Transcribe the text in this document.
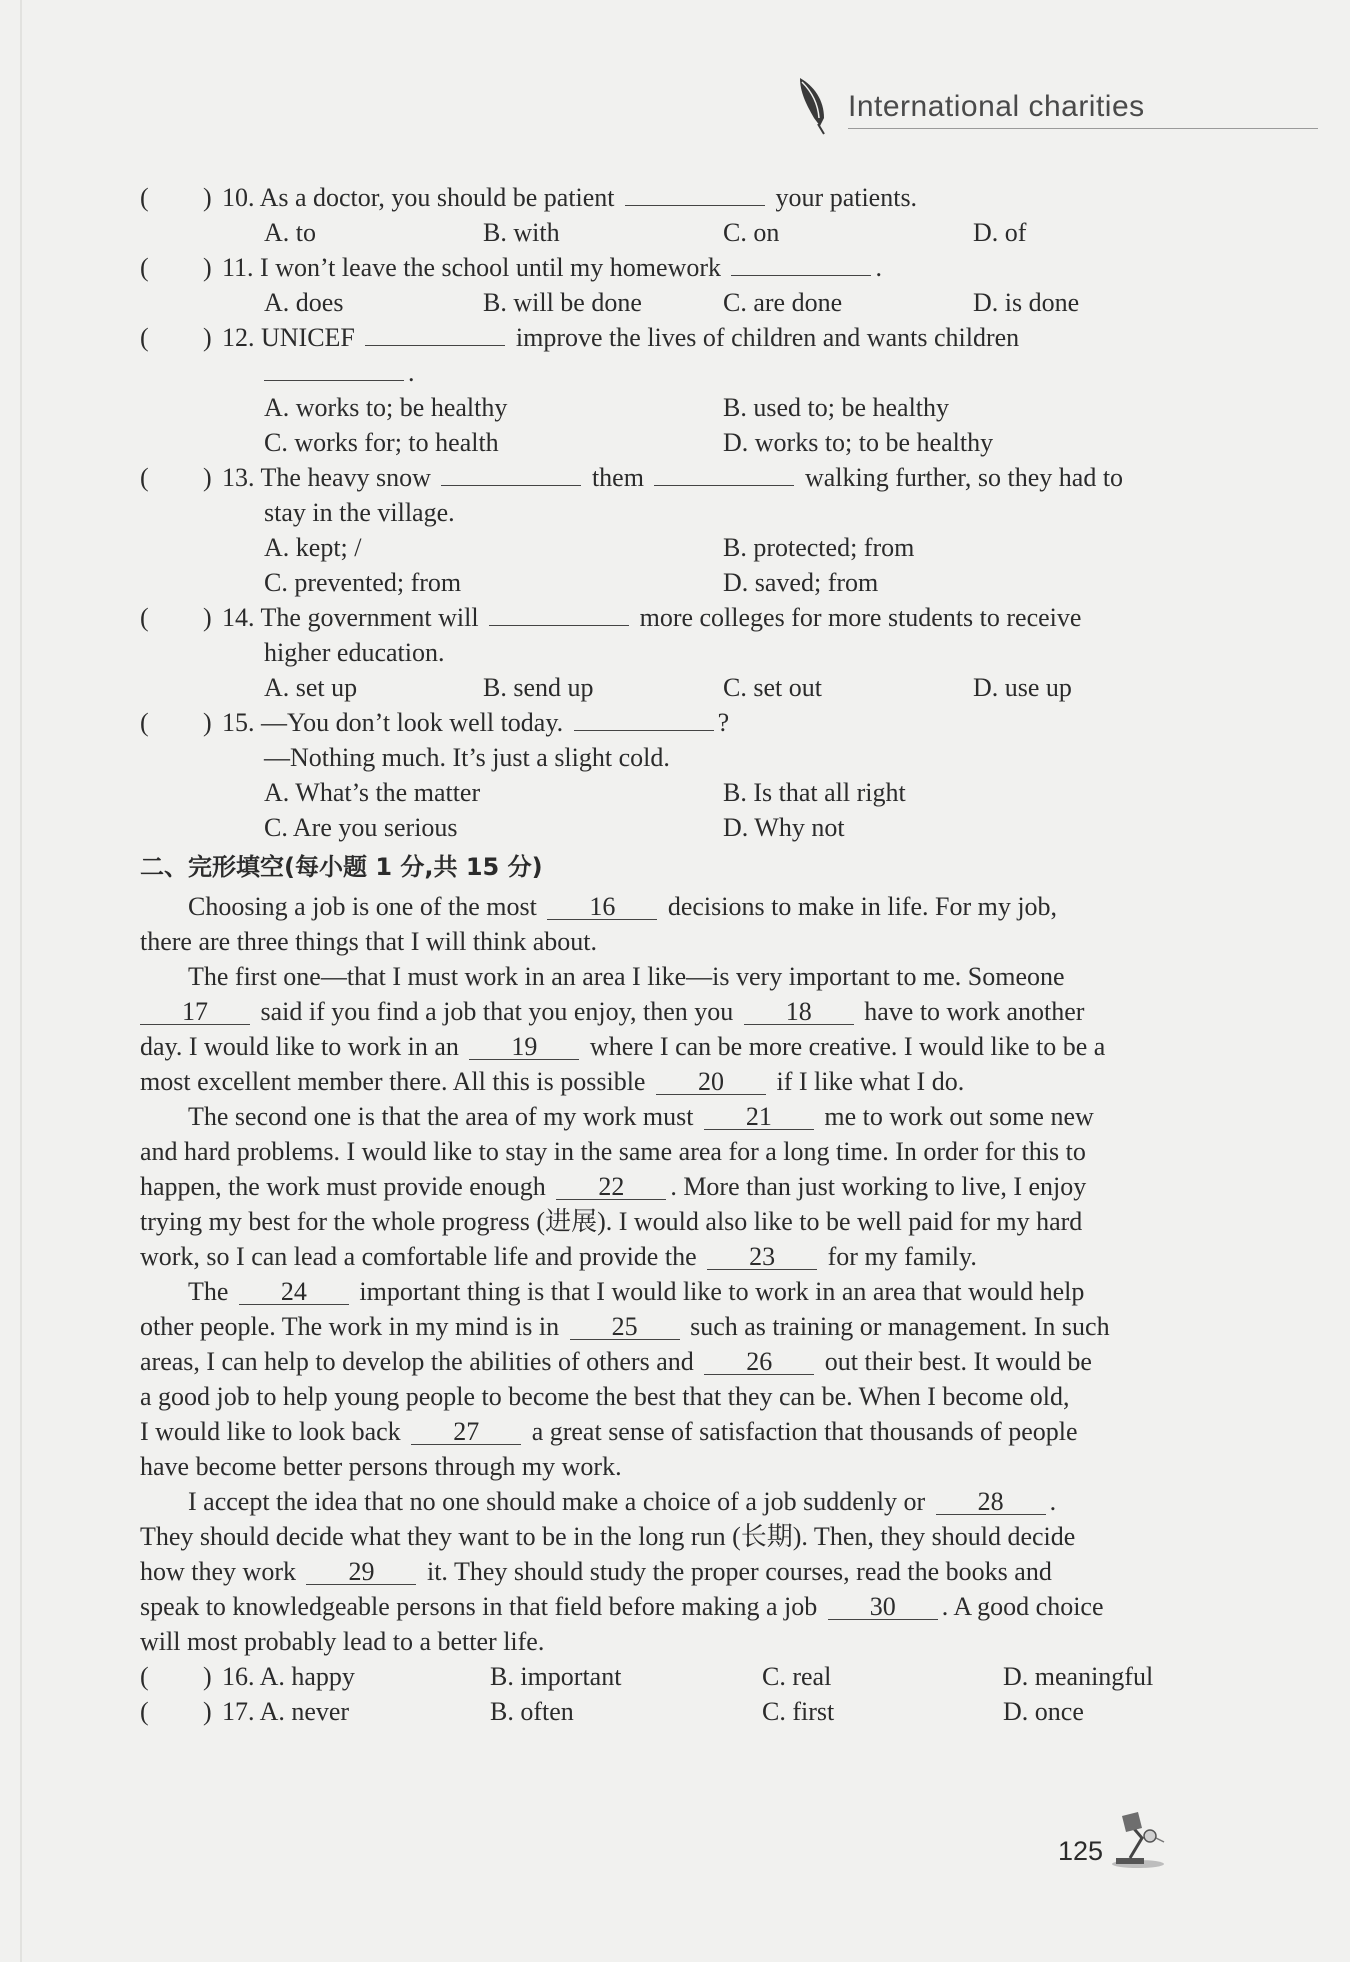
International charities
( ) 10. As a doctor, you should be patient	your patients.
A. to	B. with	C. on	D. of
( ) 11. I won’t leave the school until my homework	.
A. does	B. will be done	C. are done	D. is done
( ) 12. UNICEF	improve the lives of children and wants children
.
A. works to; be healthy	B. used to; be healthy
C. works for; to health	D. works to; to be healthy
( ) 13. The heavy snow	them	walking further, so they had to
stay in the village.
A. kept; /	B. protected; from
C. prevented; from	D. saved; from
( ) 14. The government will	more colleges for more students to receive
higher education.
A. set up	B. send up	C. set out	D. use up
( ) 15. —You don’t look well today.	?
—Nothing much. It’s just a slight cold.
A. What’s the matter	B. Is that all right
C. Are you serious	D. Why not
二、完形填空(每小题 1 分,共 15 分)
Choosing a job is one of the most 16 decisions to make in life. For my job,
there are three things that I will think about.
The first one—that I must work in an area I like—is very important to me. Someone
17 said if you find a job that you enjoy, then you 18 have to work another
day. I would like to work in an 19 where I can be more creative. I would like to be a
most excellent member there. All this is possible 20 if I like what I do.
The second one is that the area of my work must 21 me to work out some new
and hard problems. I would like to stay in the same area for a long time. In order for this to
happen, the work must provide enough 22 . More than just working to live, I enjoy
trying my best for the whole progress (进展). I would also like to be well paid for my hard
work, so I can lead a comfortable life and provide the 23 for my family.
The 24 important thing is that I would like to work in an area that would help
other people. The work in my mind is in 25 such as training or management. In such
areas, I can help to develop the abilities of others and 26 out their best. It would be
a good job to help young people to become the best that they can be. When I become old,
I would like to look back 27 a great sense of satisfaction that thousands of people
have become better persons through my work.
I accept the idea that no one should make a choice of a job suddenly or 28 .
They should decide what they want to be in the long run (长期). Then, they should decide
how they work 29 it. They should study the proper courses, read the books and
speak to knowledgeable persons in that field before making a job 30 . A good choice
will most probably lead to a better life.
( ) 16. A. happy	B. important	C. real	D. meaningful
( ) 17. A. never	B. often	C. first	D. once
125
